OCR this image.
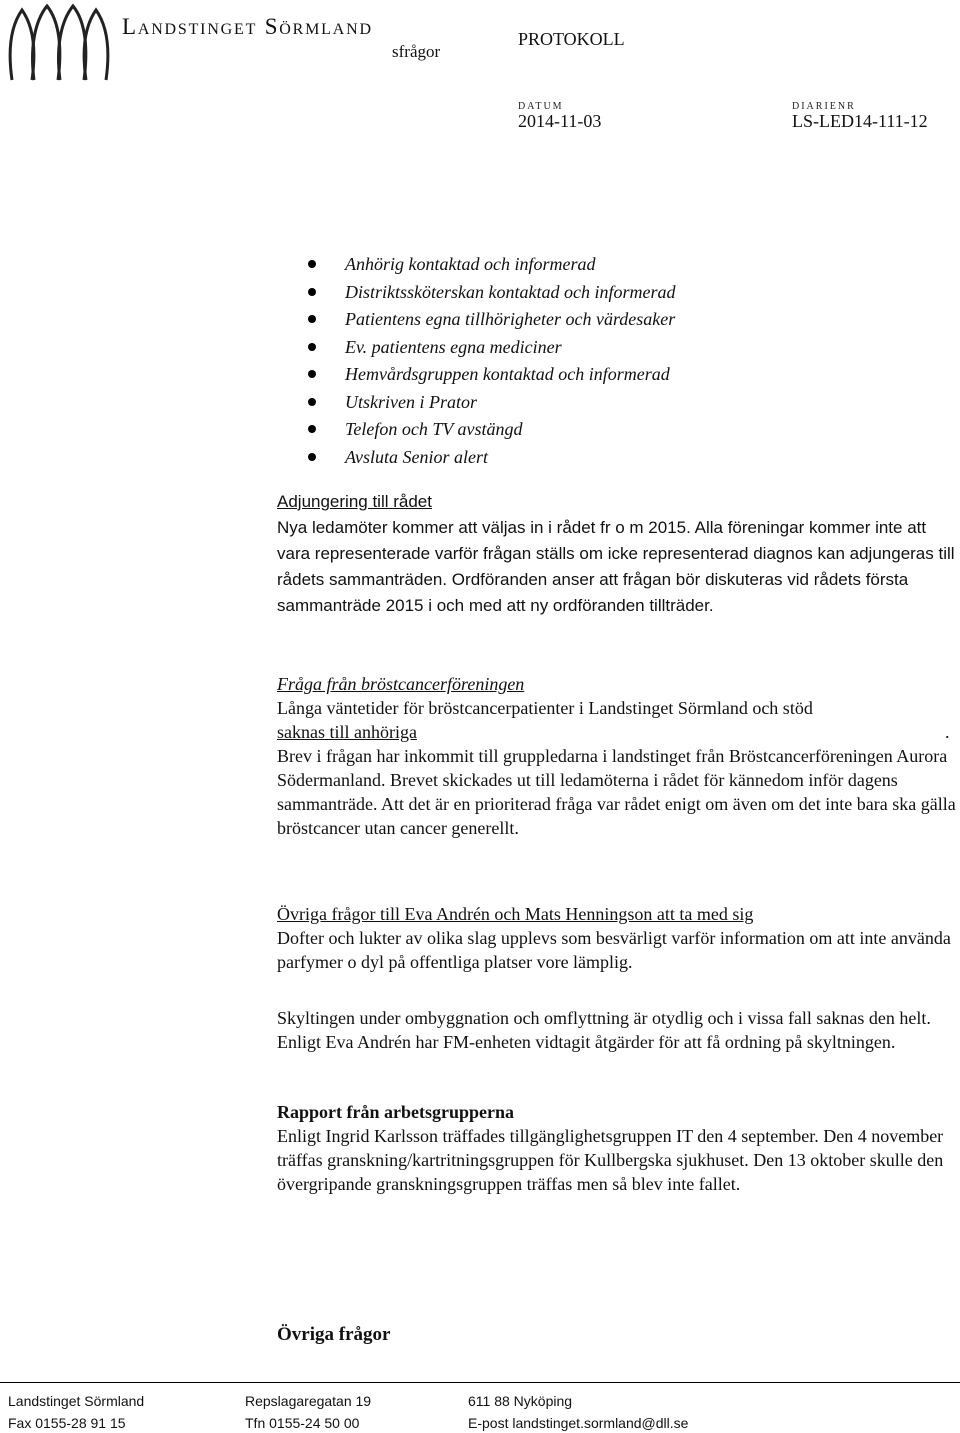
Landstinget Sörmland
sfrågor
PROTOKOLL
DATUM
2014-11-03
DIARIENR
LS-LED14-111-12
Anhörig kontaktad och informerad
Distriktssköterskan kontaktad och informerad
Patientens egna tillhörigheter och värdesaker
Ev. patientens egna mediciner
Hemvårdsgruppen kontaktad och informerad
Utskriven i Prator
Telefon och TV avstängd
Avsluta Senior alert

Adjungering till rådet

Nya ledamöter kommer att väljas in i rådet fr o m 2015. Alla föreningar kommer inte att vara representerade varför frågan ställs om icke representerad diagnos kan adjungeras till rådets sammanträden. Ordföranden anser att frågan bör diskuteras vid rådets första sammanträde 2015 i och med att ny ordföranden tillträder.

Fråga från bröstcancerföreningen

Långa väntetider för bröstcancerpatienter i Landstinget Sörmland och stöd

saknas till anhöriga	.

Brev i frågan har inkommit till gruppledarna i landstinget från Bröstcancerföreningen Aurora Södermanland. Brevet skickades ut till ledamöterna i rådet för kännedom inför dagens sammanträde. Att det är en prioriterad fråga var rådet enigt om även om det inte bara ska gälla bröstcancer utan cancer generellt.

Övriga frågor till Eva Andrén och Mats Henningson att ta med sig

Dofter och lukter av olika slag upplevs som besvärligt varför information om att inte använda parfymer o dyl på offentliga platser vore lämplig.

Skyltingen under ombyggnation och omflyttning är otydlig och i vissa fall saknas den helt. Enligt Eva Andrén har FM-enheten vidtagit åtgärder för att få ordning på skyltningen.

Rapport från arbetsgrupperna

Enligt Ingrid Karlsson träffades tillgänglighetsgruppen IT den 4 september. Den 4 november träffas granskning/kartritningsgruppen för Kullbergska sjukhuset. Den 13 oktober skulle den övergripande granskningsgruppen träffas men så blev inte fallet.

Övriga frågor
Landstinget Sörmland	Repslagaregatan 19	611 88 Nyköping
Fax 0155-28 91 15	Tfn 0155-24 50 00	E-post landstinget.sormland@dll.se
